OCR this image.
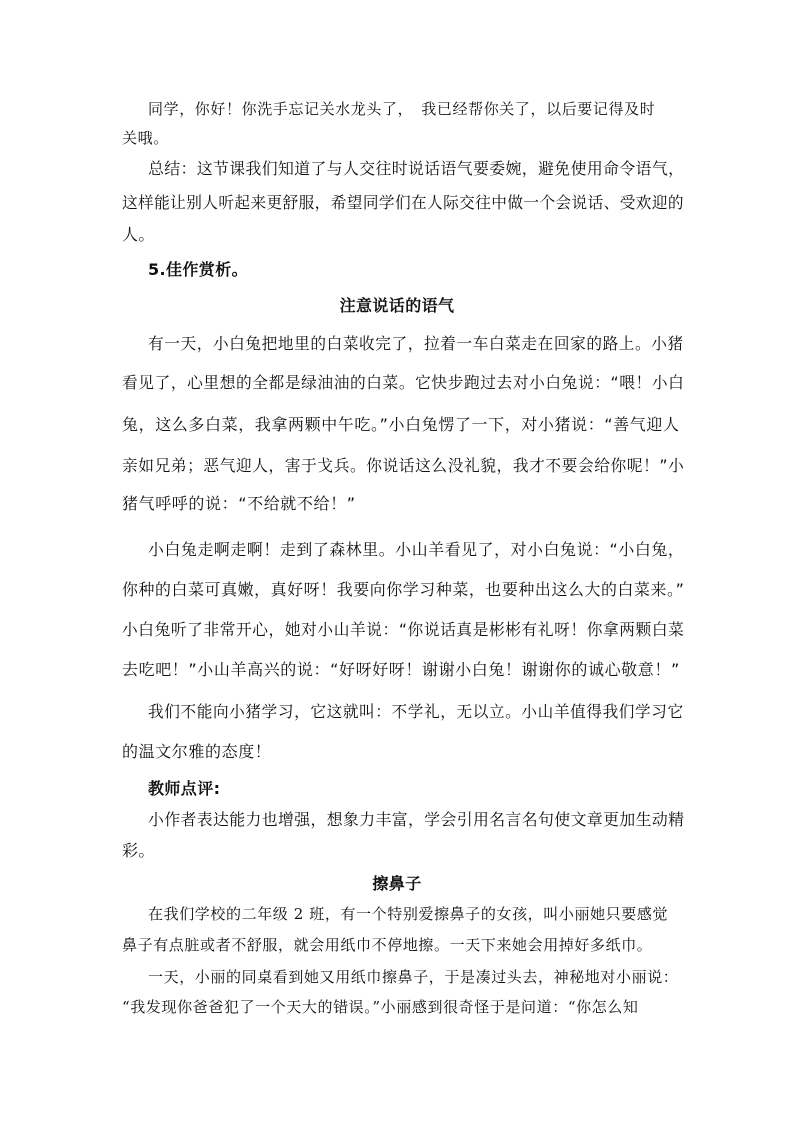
同学，你好！你洗手忘记关水龙头了，　我已经帮你关了，以后要记得及时

关哦。

总结：这节课我们知道了与人交往时说话语气要委婉，避免使用命令语气，

这样能让别人听起来更舒服，希望同学们在人际交往中做一个会说话、受欢迎的

人。

5.佳作赏析。

注意说话的语气

有一天，小白兔把地里的白菜收完了，拉着一车白菜走在回家的路上。小猪

看见了，心里想的全都是绿油油的白菜。它快步跑过去对小白兔说：“喂！小白

兔，这么多白菜，我拿两颗中午吃。”小白兔愣了一下，对小猪说：“善气迎人

亲如兄弟；恶气迎人，害于戈兵。你说话这么没礼貌，我才不要会给你呢！”小

猪气呼呼的说：“不给就不给！”

小白兔走啊走啊！走到了森林里。小山羊看见了，对小白兔说：“小白兔，

你种的白菜可真嫩，真好呀！我要向你学习种菜，也要种出这么大的白菜来。”

小白兔听了非常开心，她对小山羊说：“你说话真是彬彬有礼呀！你拿两颗白菜

去吃吧！”小山羊高兴的说：“好呀好呀！谢谢小白兔！谢谢你的诚心敬意！”

我们不能向小猪学习，它这就叫：不学礼，无以立。小山羊值得我们学习它

的温文尔雅的态度！

教师点评:

小作者表达能力也增强，想象力丰富，学会引用名言名句使文章更加生动精

彩。

擦鼻子

在我们学校的二年级 2 班，有一个特别爱擦鼻子的女孩，叫小丽她只要感觉

鼻子有点脏或者不舒服，就会用纸巾不停地擦。一天下来她会用掉好多纸巾。

一天，小丽的同桌看到她又用纸巾擦鼻子，于是凑过头去，神秘地对小丽说：

“我发现你爸爸犯了一个天大的错误。”小丽感到很奇怪于是问道：“你怎么知
